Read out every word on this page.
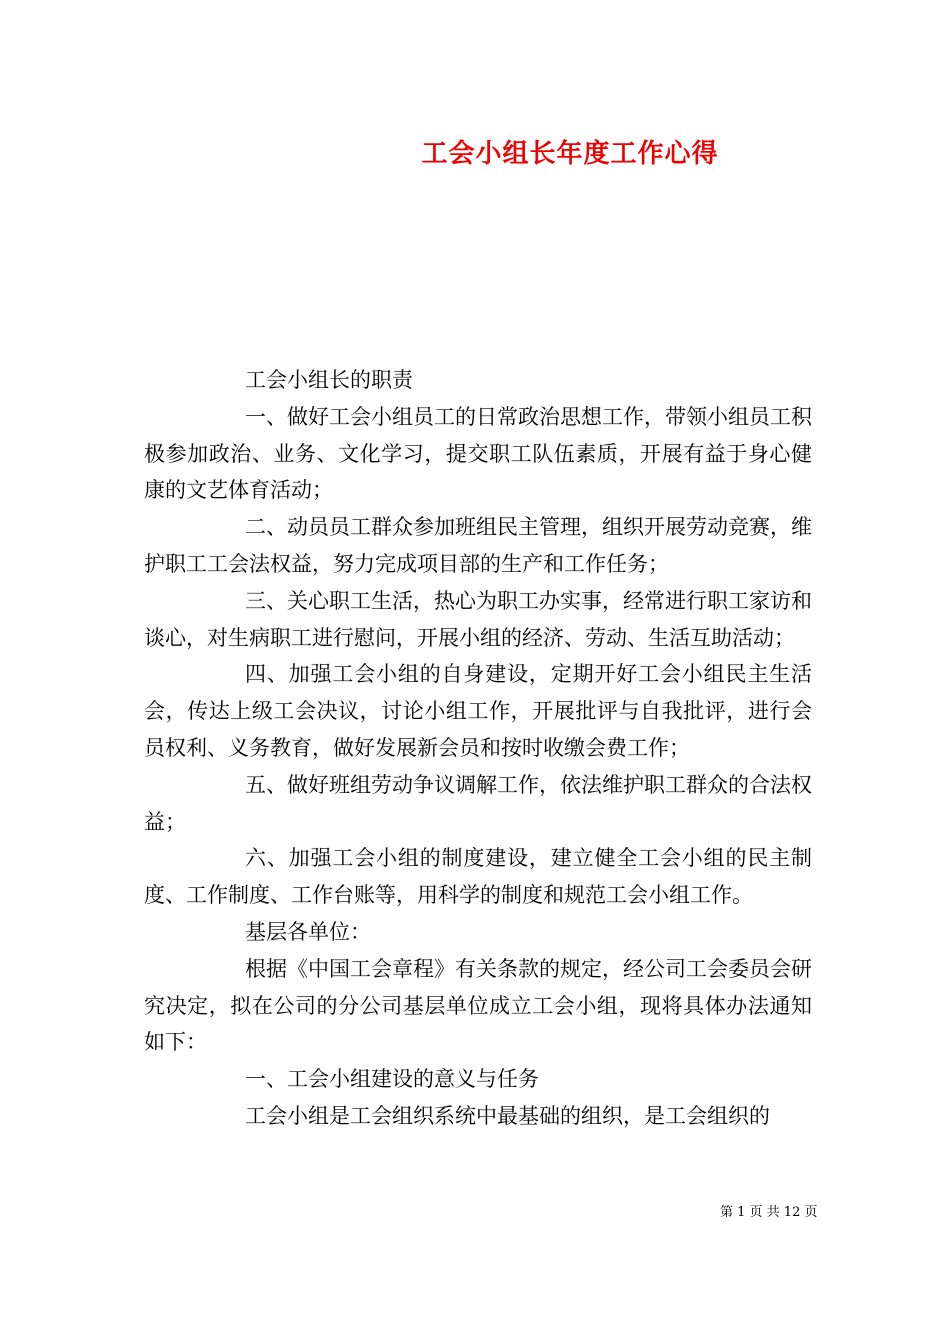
工会小组长年度工作心得

工会小组长的职责

一、做好工会小组员工的日常政治思想工作，带领小组员工积极参加政治、业务、文化学习，提交职工队伍素质，开展有益于身心健康的文艺体育活动；

二、动员员工群众参加班组民主管理，组织开展劳动竞赛，维护职工工会法权益，努力完成项目部的生产和工作任务；

三、关心职工生活，热心为职工办实事，经常进行职工家访和谈心，对生病职工进行慰问，开展小组的经济、劳动、生活互助活动；

四、加强工会小组的自身建设，定期开好工会小组民主生活会，传达上级工会决议，讨论小组工作，开展批评与自我批评，进行会员权利、义务教育，做好发展新会员和按时收缴会费工作；

五、做好班组劳动争议调解工作，依法维护职工群众的合法权益；

六、加强工会小组的制度建设，建立健全工会小组的民主制度、工作制度、工作台账等，用科学的制度和规范工会小组工作。

基层各单位：

根据《中国工会章程》有关条款的规定，经公司工会委员会研究决定，拟在公司的分公司基层单位成立工会小组，现将具体办法通知如下：

一、工会小组建设的意义与任务

工会小组是工会组织系统中最基础的组织，是工会组织的

第 1 页 共 12 页
